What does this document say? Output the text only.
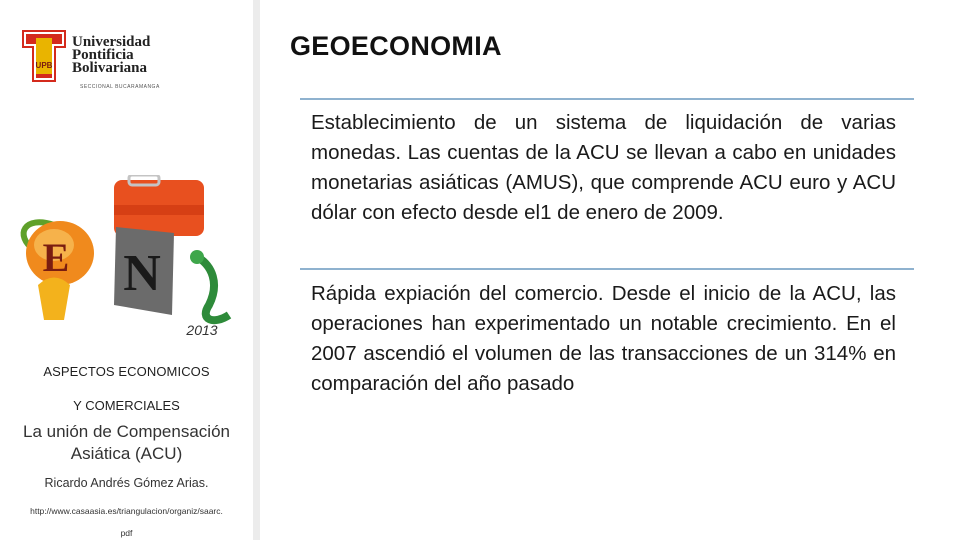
UPB
Universidad
Pontificia
Bolivariana
SECCIONAL BUCARAMANGA
E N
2013
ASPECTOS ECONOMICOS
Y COMERCIALES
La unión de Compensación Asiática (ACU)
Ricardo Andrés Gómez Arias.
http://www.casaasia.es/triangulacion/organiz/saarc.
pdf
GEOECONOMIA
Establecimiento de un sistema de liquidación de varias monedas. Las cuentas de la ACU se llevan a cabo en unidades monetarias asiáticas (AMUS), que comprende ACU euro y ACU dólar con efecto desde el1 de enero de 2009.
Rápida expiación del comercio. Desde el inicio de la ACU, las operaciones han experimentado un notable crecimiento. En el 2007 ascendió el volumen de las transacciones de un 314% en comparación del año pasado
